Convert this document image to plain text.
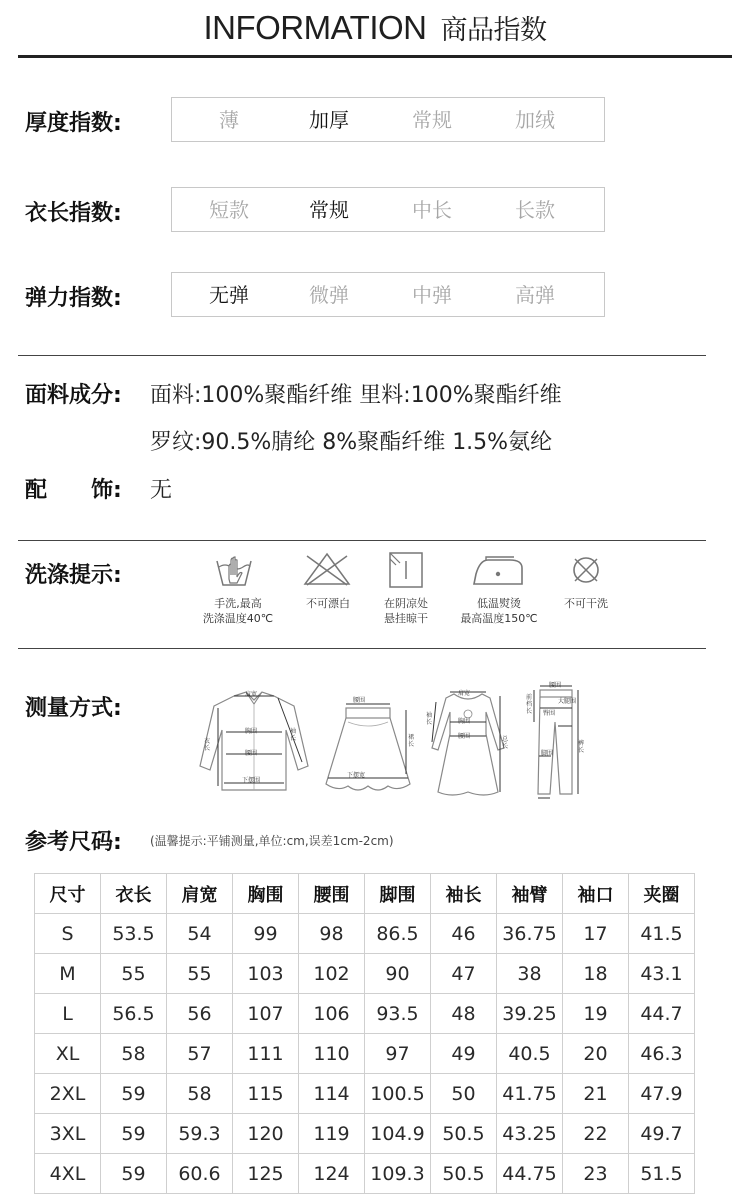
INFORMATION 商品指数
厚度指数:	薄	加厚	常规	加绒
衣长指数:	短款	常规	中长	长款
弹力指数:	无弹	微弹	中弹	高弹
面料成分: 面料:100%聚酯纤维 里料:100%聚酯纤维
罗纹:90.5%腈纶 8%聚酯纤维 1.5%氨纶
配　　饰: 无
洗涤提示:
手洗,最高
洗涤温度40℃
不可漂白	在阴凉处
悬挂晾干
低温熨烫
最高温度150℃
不可干洗
测量方式:
肩宽
胸围
腰围
下摆围
衣长
袖长
腰围
下摆宽
裙长
肩宽
胸围
腰围	总长
袖长
腰围
臀围
大腿围
脚围
前档长
裤长
参考尺码: (温馨提示:平铺测量,单位:cm,误差1cm-2cm)
尺寸	衣长	肩宽	胸围	腰围	脚围	袖长	袖臂	袖口	夹圈
S	53.5	54	99	98	86.5	46	36.75	17	41.5
M	55	55	103	102	90	47	38	18	43.1
L	56.5	56	107	106	93.5	48	39.25	19	44.7
XL	58	57	111	110	97	49	40.5	20	46.3
2XL	59	58	115	114	100.5	50	41.75	21	47.9
3XL	59	59.3	120	119	104.9	50.5	43.25	22	49.7
4XL	59	60.6	125	124	109.3	50.5	44.75	23	51.5
